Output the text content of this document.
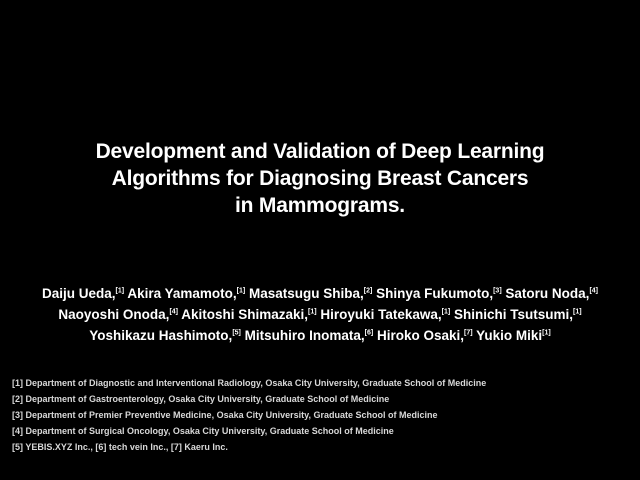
Development and Validation of Deep Learning
Algorithms for Diagnosing Breast Cancers
in Mammograms.
Daiju Ueda,[1] Akira Yamamoto,[1] Masatsugu Shiba,[2] Shinya Fukumoto,[3] Satoru Noda,[4]
Naoyoshi Onoda,[4] Akitoshi Shimazaki,[1] Hiroyuki Tatekawa,[1] Shinichi Tsutsumi,[1]
Yoshikazu Hashimoto,[5] Mitsuhiro Inomata,[6] Hiroko Osaki,[7] Yukio Miki[1]
[1] Department of Diagnostic and Interventional Radiology, Osaka City University, Graduate School of Medicine
[2] Department of Gastroenterology, Osaka City University, Graduate School of Medicine
[3] Department of Premier Preventive Medicine, Osaka City University, Graduate School of Medicine
[4] Department of Surgical Oncology, Osaka City University, Graduate School of Medicine
[5] YEBIS.XYZ Inc., [6] tech vein Inc., [7] Kaeru Inc.
